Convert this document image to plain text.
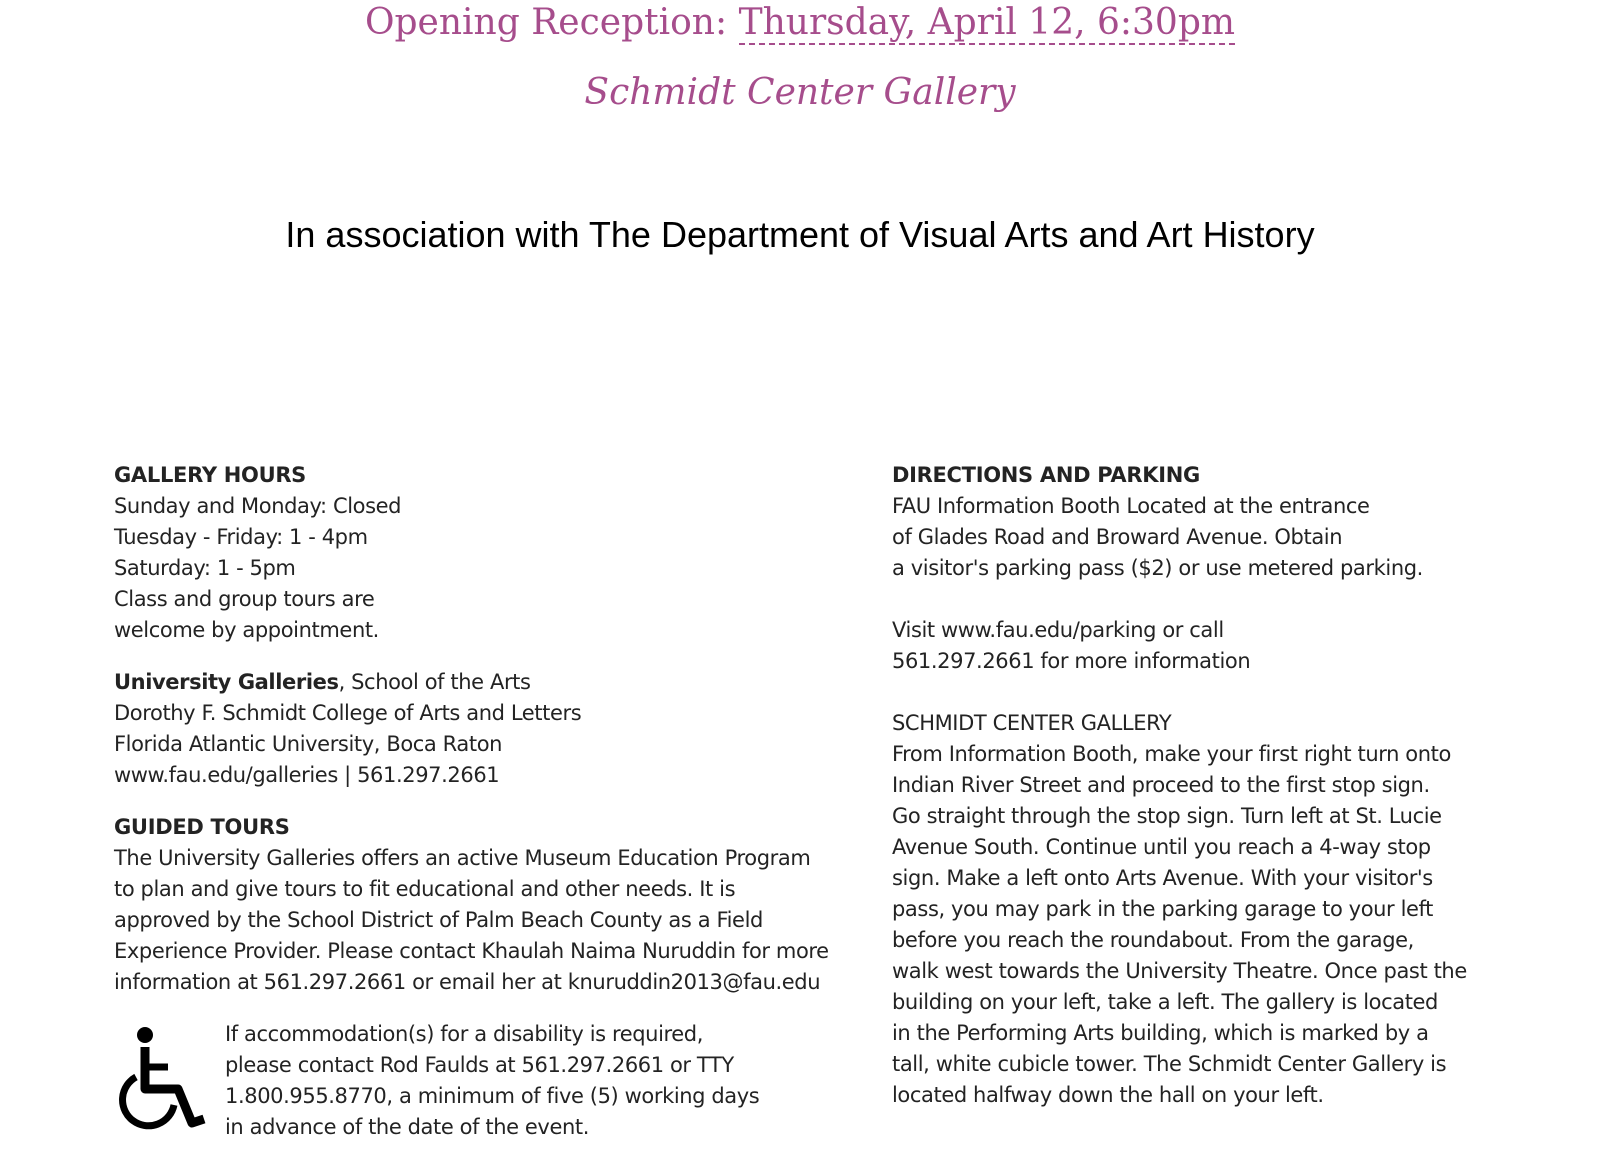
Opening Reception: Thursday, April 12, 6:30pm
Schmidt Center Gallery
In association with The Department of Visual Arts and Art History
GALLERY HOURS
Sunday and Monday: Closed
Tuesday - Friday: 1 - 4pm
Saturday: 1 - 5pm
Class and group tours are
welcome by appointment.
University Galleries, School of the Arts
Dorothy F. Schmidt College of Arts and Letters
Florida Atlantic University, Boca Raton
www.fau.edu/galleries | 561.297.2661
GUIDED TOURS
The University Galleries offers an active Museum Education Program
to plan and give tours to fit educational and other needs. It is
approved by the School District of Palm Beach County as a Field
Experience Provider. Please contact Khaulah Naima Nuruddin for more
information at 561.297.2661 or email her at knuruddin2013@fau.edu
If accommodation(s) for a disability is required,
please contact Rod Faulds at 561.297.2661 or TTY
1.800.955.8770, a minimum of five (5) working days
in advance of the date of the event.
DIRECTIONS AND PARKING
FAU Information Booth Located at the entrance
of Glades Road and Broward Avenue. Obtain
a visitor's parking pass ($2) or use metered parking.
Visit www.fau.edu/parking or call
561.297.2661 for more information
SCHMIDT CENTER GALLERY
From Information Booth, make your first right turn onto
Indian River Street and proceed to the first stop sign.
Go straight through the stop sign. Turn left at St. Lucie
Avenue South. Continue until you reach a 4-way stop
sign. Make a left onto Arts Avenue. With your visitor's
pass, you may park in the parking garage to your left
before you reach the roundabout. From the garage,
walk west towards the University Theatre. Once past the
building on your left, take a left. The gallery is located
in the Performing Arts building, which is marked by a
tall, white cubicle tower. The Schmidt Center Gallery is
located halfway down the hall on your left.
